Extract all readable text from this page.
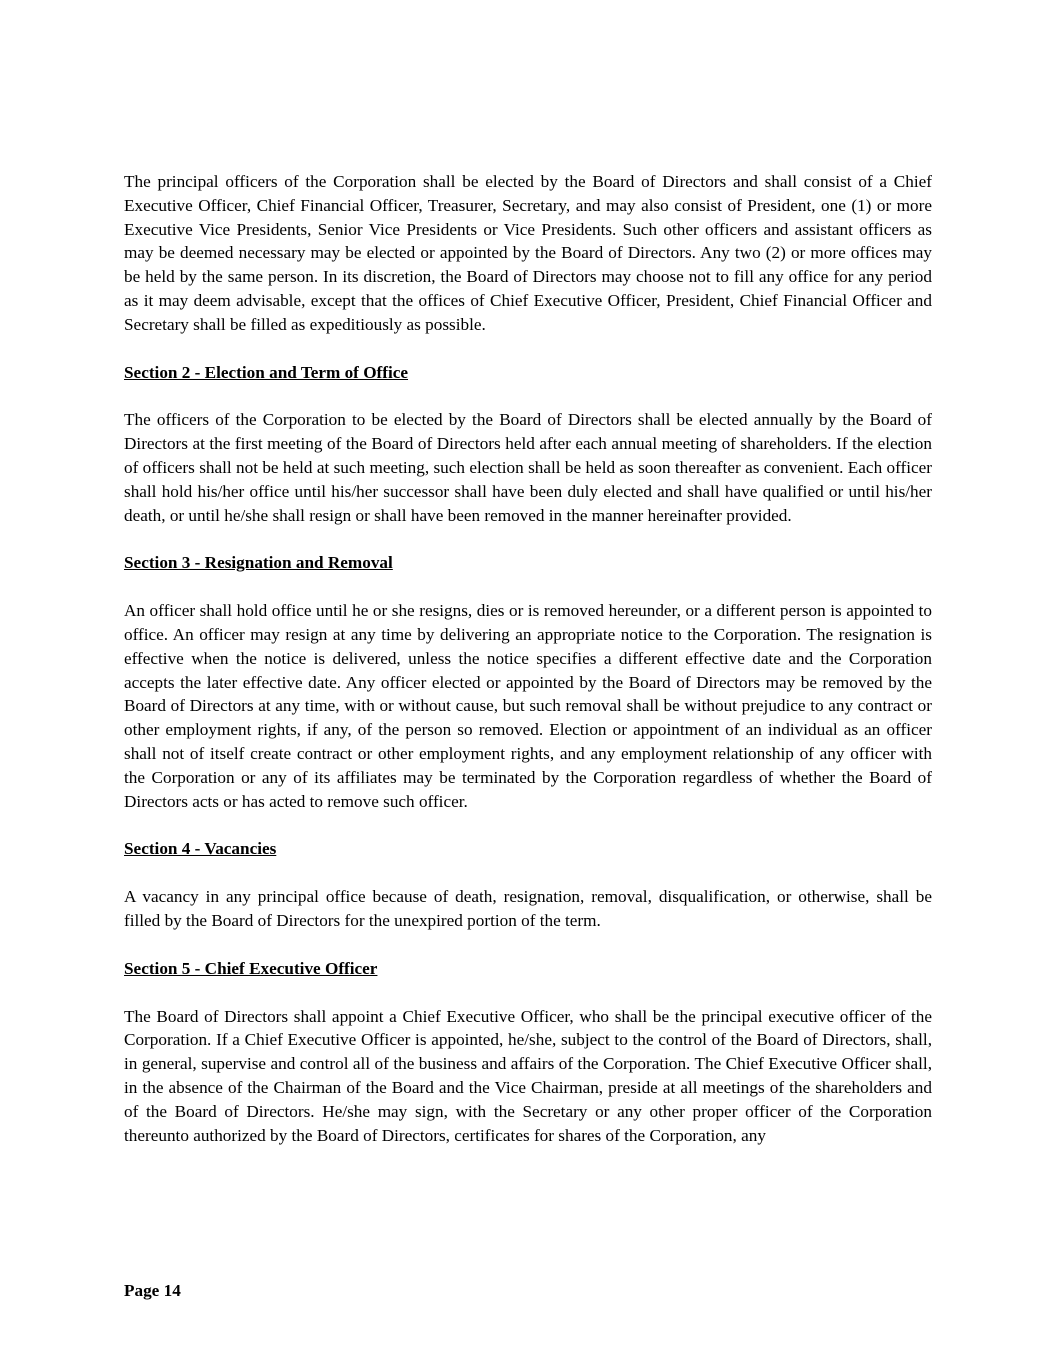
The principal officers of the Corporation shall be elected by the Board of Directors and shall consist of a Chief Executive Officer, Chief Financial Officer, Treasurer, Secretary, and may also consist of President, one (1) or more Executive Vice Presidents, Senior Vice Presidents or Vice Presidents. Such other officers and assistant officers as may be deemed necessary may be elected or appointed by the Board of Directors. Any two (2) or more offices may be held by the same person. In its discretion, the Board of Directors may choose not to fill any office for any period as it may deem advisable, except that the offices of Chief Executive Officer, President, Chief Financial Officer and Secretary shall be filled as expeditiously as possible.

Section 2 - Election and Term of Office

The officers of the Corporation to be elected by the Board of Directors shall be elected annually by the Board of Directors at the first meeting of the Board of Directors held after each annual meeting of shareholders. If the election of officers shall not be held at such meeting, such election shall be held as soon thereafter as convenient. Each officer shall hold his/her office until his/her successor shall have been duly elected and shall have qualified or until his/her death, or until he/she shall resign or shall have been removed in the manner hereinafter provided.

Section 3 - Resignation and Removal

An officer shall hold office until he or she resigns, dies or is removed hereunder, or a different person is appointed to office. An officer may resign at any time by delivering an appropriate notice to the Corporation. The resignation is effective when the notice is delivered, unless the notice specifies a different effective date and the Corporation accepts the later effective date. Any officer elected or appointed by the Board of Directors may be removed by the Board of Directors at any time, with or without cause, but such removal shall be without prejudice to any contract or other employment rights, if any, of the person so removed. Election or appointment of an individual as an officer shall not of itself create contract or other employment rights, and any employment relationship of any officer with the Corporation or any of its affiliates may be terminated by the Corporation regardless of whether the Board of Directors acts or has acted to remove such officer.

Section 4 - Vacancies

A vacancy in any principal office because of death, resignation, removal, disqualification, or otherwise, shall be filled by the Board of Directors for the unexpired portion of the term.

Section 5 - Chief Executive Officer

The Board of Directors shall appoint a Chief Executive Officer, who shall be the principal executive officer of the Corporation. If a Chief Executive Officer is appointed, he/she, subject to the control of the Board of Directors, shall, in general, supervise and control all of the business and affairs of the Corporation. The Chief Executive Officer shall, in the absence of the Chairman of the Board and the Vice Chairman, preside at all meetings of the shareholders and of the Board of Directors. He/she may sign, with the Secretary or any other proper officer of the Corporation thereunto authorized by the Board of Directors, certificates for shares of the Corporation, any

Page 14
